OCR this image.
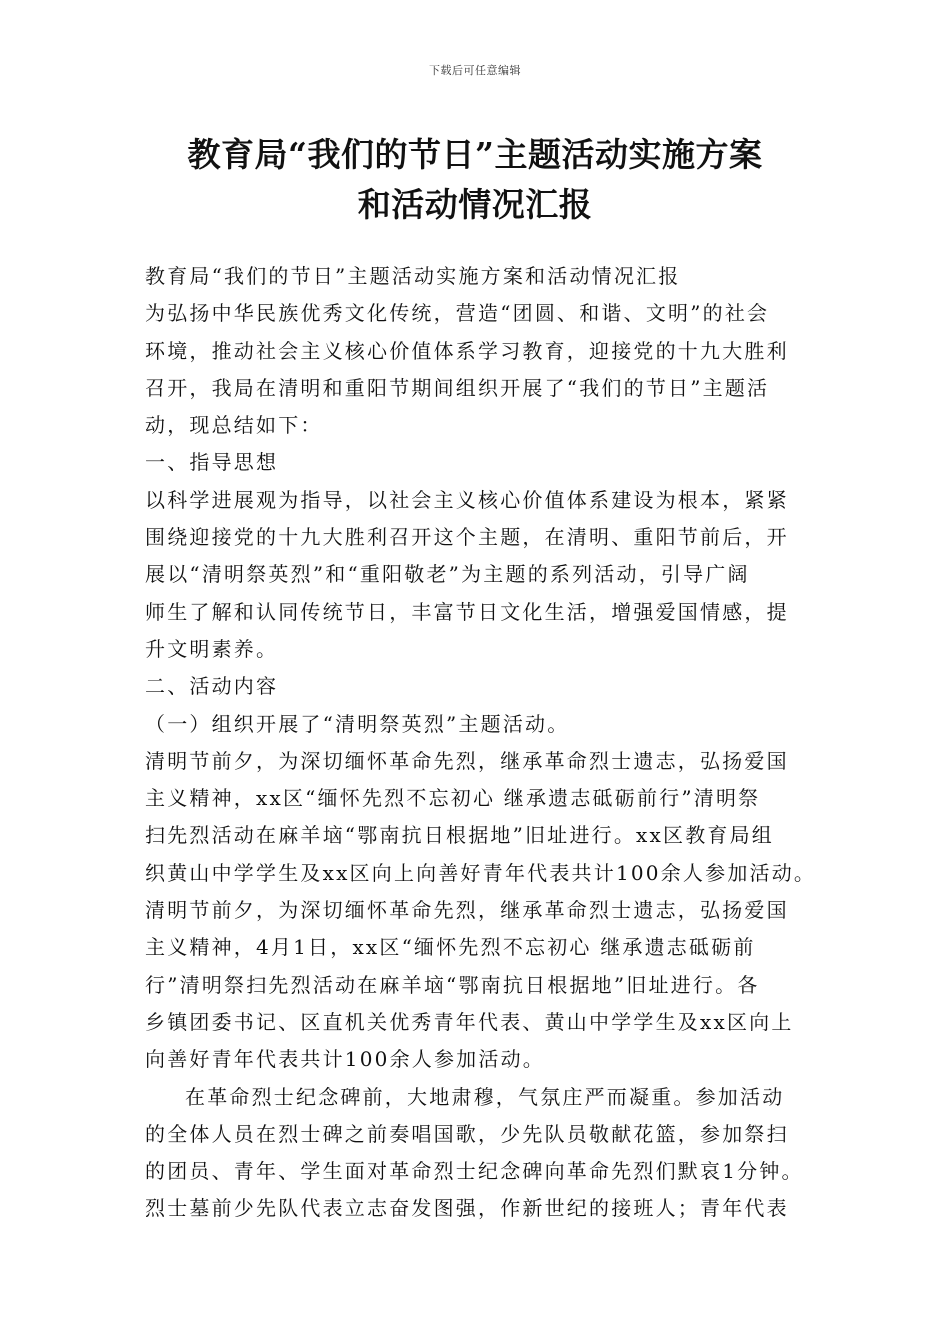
下载后可任意编辑
教育局“我们的节日”主题活动实施方案
和活动情况汇报

教育局“我们的节日”主题活动实施方案和活动情况汇报

为弘扬中华民族优秀文化传统，营造“团圆、和谐、文明”的社会

环境，推动社会主义核心价值体系学习教育，迎接党的十九大胜利

召开，我局在清明和重阳节期间组织开展了“我们的节日”主题活

动，现总结如下：

一、指导思想

以科学进展观为指导，以社会主义核心价值体系建设为根本，紧紧

围绕迎接党的十九大胜利召开这个主题，在清明、重阳节前后，开

展以“清明祭英烈”和“重阳敬老”为主题的系列活动，引导广阔

师生了解和认同传统节日，丰富节日文化生活，增强爱国情感，提

升文明素养。

二、活动内容

（一）组织开展了“清明祭英烈”主题活动。

清明节前夕，为深切缅怀革命先烈，继承革命烈士遗志，弘扬爱国

主义精神，xx区“缅怀先烈不忘初心 继承遗志砥砺前行”清明祭

扫先烈活动在麻羊垴“鄂南抗日根据地”旧址进行。xx区教育局组

织黄山中学学生及xx区向上向善好青年代表共计100余人参加活动。

清明节前夕，为深切缅怀革命先烈，继承革命烈士遗志，弘扬爱国

主义精神，4月1日，xx区“缅怀先烈不忘初心 继承遗志砥砺前

行”清明祭扫先烈活动在麻羊垴“鄂南抗日根据地”旧址进行。各

乡镇团委书记、区直机关优秀青年代表、黄山中学学生及xx区向上

向善好青年代表共计100余人参加活动。

在革命烈士纪念碑前，大地肃穆，气氛庄严而凝重。参加活动

的全体人员在烈士碑之前奏唱国歌，少先队员敬献花篮，参加祭扫

的团员、青年、学生面对革命烈士纪念碑向革命先烈们默哀1分钟。

烈士墓前少先队代表立志奋发图强，作新世纪的接班人；青年代表
